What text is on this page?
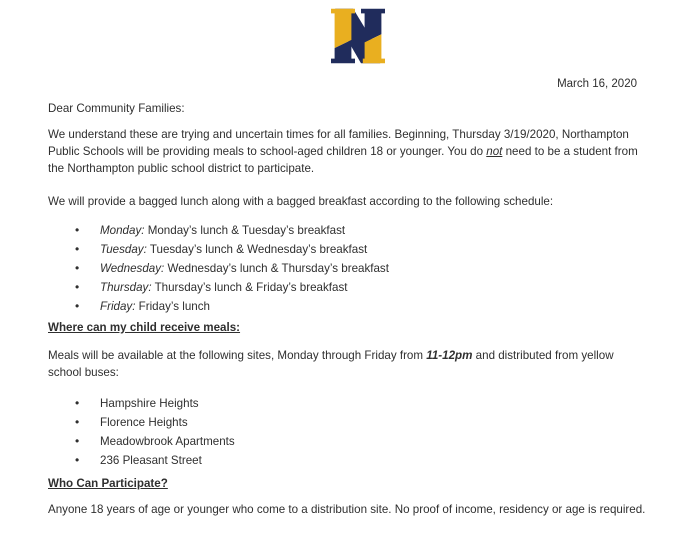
March 16, 2020

Dear Community Families:

We understand these are trying and uncertain times for all families. Beginning, Thursday 3/19/2020, Northampton Public Schools will be providing meals to school-aged children 18 or younger. You do not need to be a student from the Northampton public school district to participate.

We will provide a bagged lunch along with a bagged breakfast according to the following schedule:

• Monday: Monday’s lunch & Tuesday’s breakfast
• Tuesday: Tuesday’s lunch & Wednesday’s breakfast
• Wednesday: Wednesday’s lunch & Thursday’s breakfast
• Thursday: Thursday’s lunch & Friday’s breakfast
• Friday: Friday’s lunch

Where can my child receive meals:

Meals will be available at the following sites, Monday through Friday from 11-12pm and distributed from yellow school buses:

• Hampshire Heights
• Florence Heights
• Meadowbrook Apartments
• 236 Pleasant Street

Who Can Participate?

Anyone 18 years of age or younger who come to a distribution site. No proof of income, residency or age is required.
